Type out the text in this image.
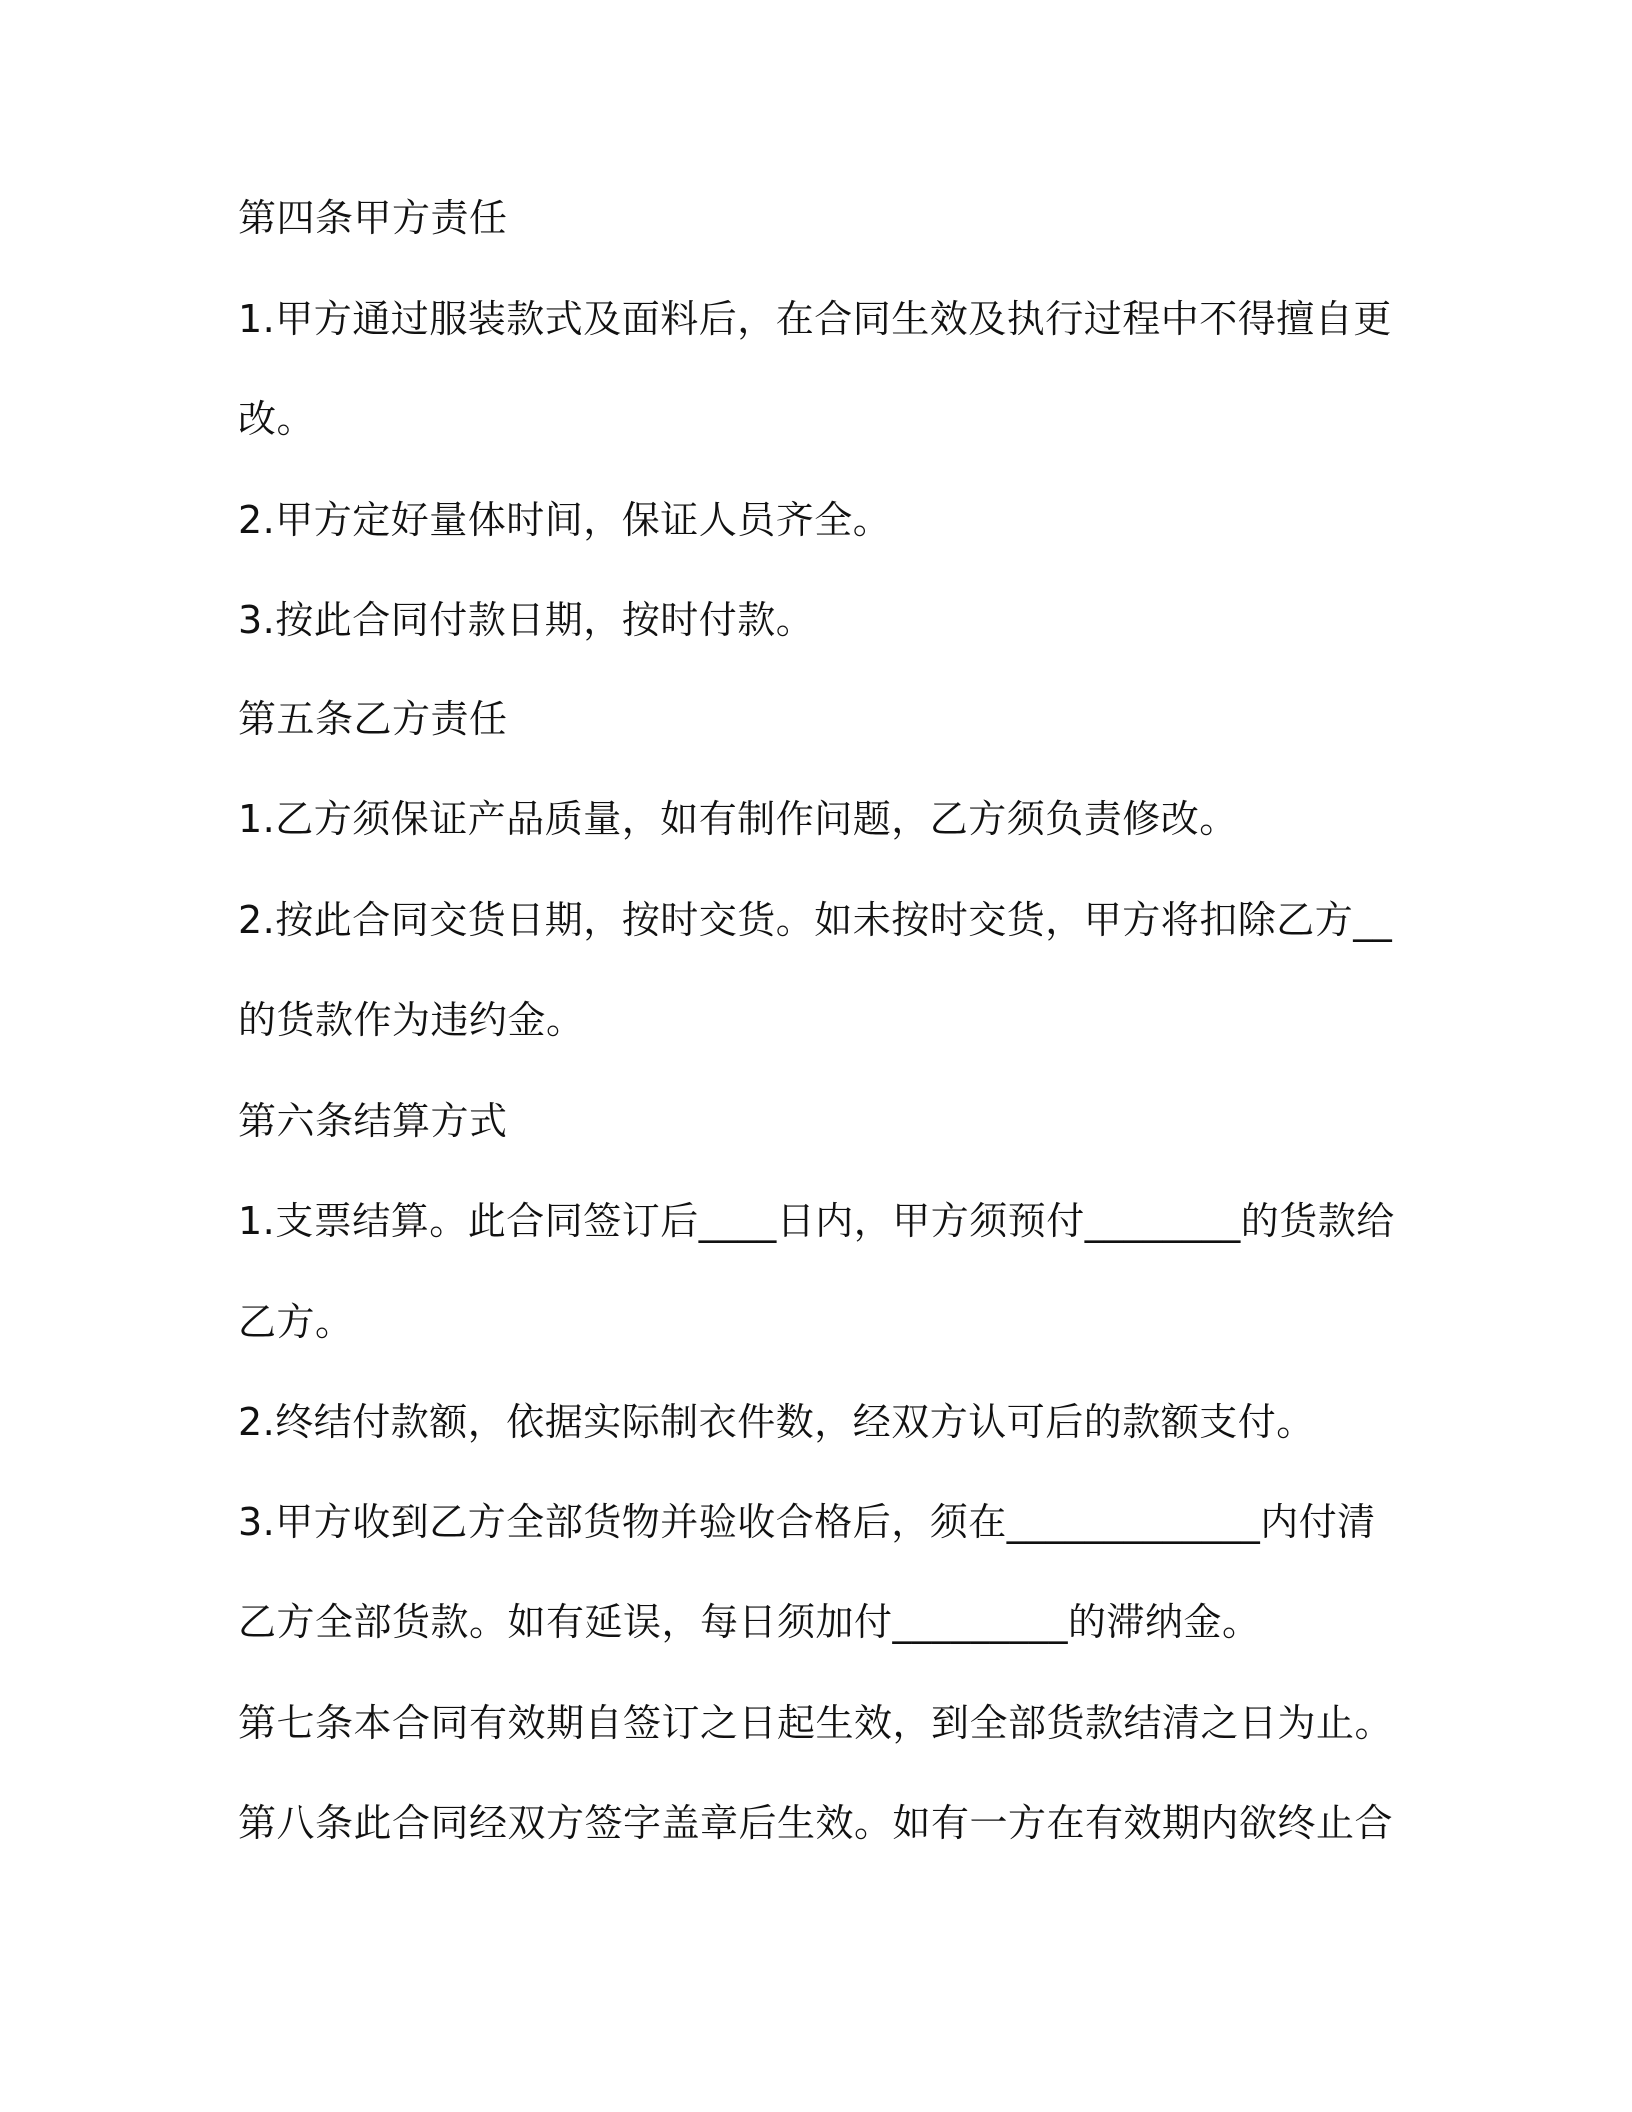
第四条甲方责任
1.甲方通过服装款式及面料后，在合同生效及执行过程中不得擅自更
改。
2.甲方定好量体时间，保证人员齐全。
3.按此合同付款日期，按时付款。
第五条乙方责任
1.乙方须保证产品质量，如有制作问题，乙方须负责修改。
2.按此合同交货日期，按时交货。如未按时交货，甲方将扣除乙方__
的货款作为违约金。
第六条结算方式
1.支票结算。此合同签订后____日内，甲方须预付________的货款给
乙方。
2.终结付款额，依据实际制衣件数，经双方认可后的款额支付。
3.甲方收到乙方全部货物并验收合格后，须在_____________内付清
乙方全部货款。如有延误，每日须加付_________的滞纳金。
第七条本合同有效期自签订之日起生效，到全部货款结清之日为止。
第八条此合同经双方签字盖章后生效。如有一方在有效期内欲终止合
